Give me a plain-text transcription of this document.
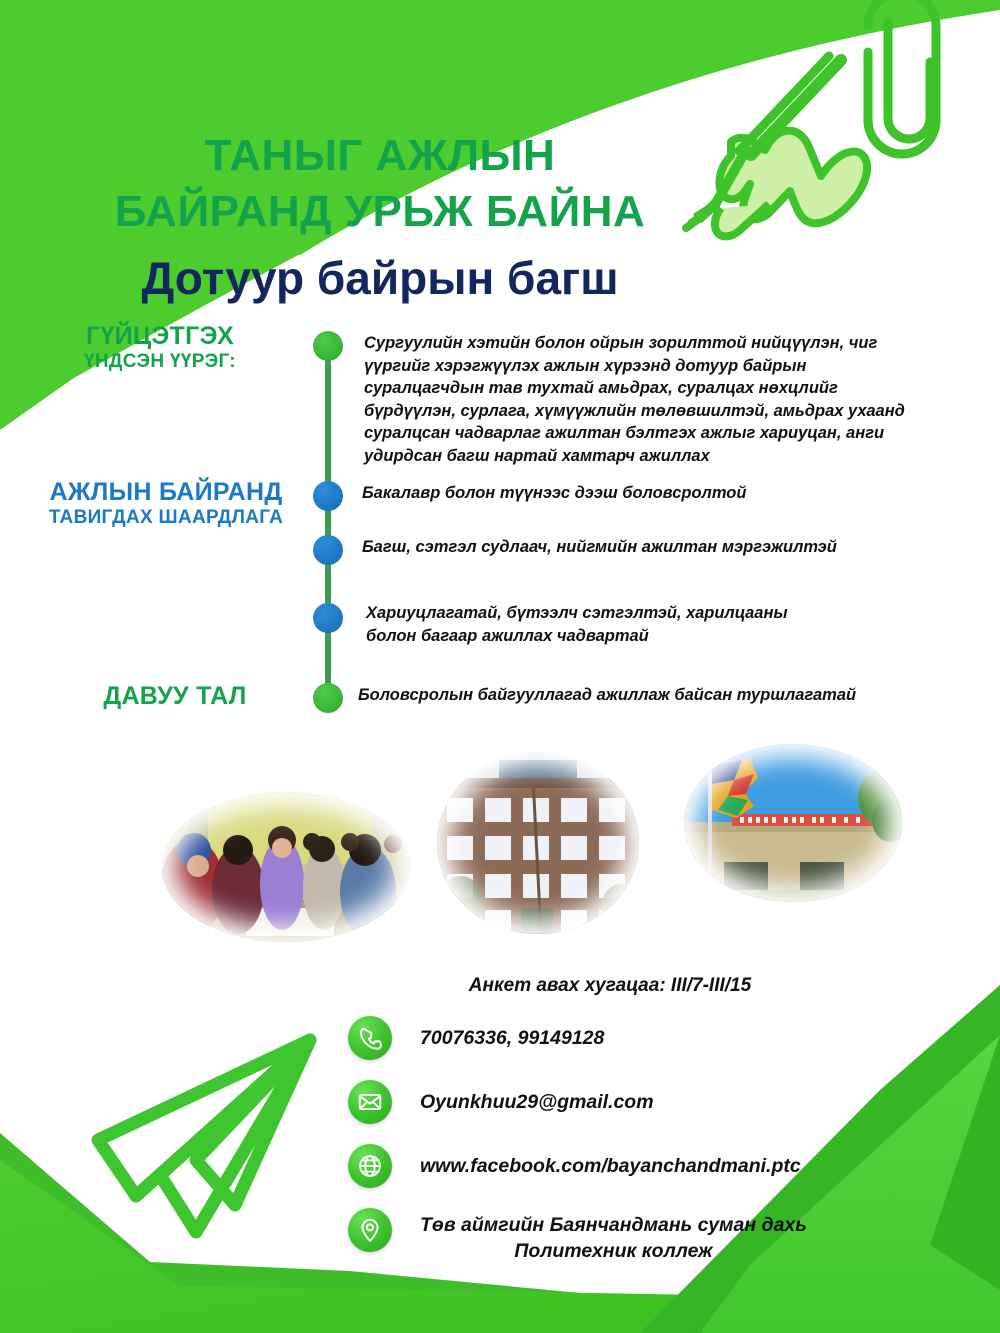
ТАНЫГ АЖЛЫН
БАЙРАНД УРЬЖ БАЙНА
Дотуур байрын багш
ГҮЙЦЭТГЭХ
ҮНДСЭН ҮҮРЭГ:
АЖЛЫН БАЙРАНД
ТАВИГДАХ ШААРДЛАГА
ДАВУУ ТАЛ
Сургуулийн хэтийн болон ойрын зорилттой нийцүүлэн, чиг үүргийг хэрэгжүүлэх ажлын хүрээнд дотуур байрын суралцагчдын тав тухтай амьдрах, суралцах нөхцлийг бүрдүүлэн, сурлага, хүмүүжлийн төлөвшилтэй, амьдрах ухаанд суралцсан чадварлаг ажилтан бэлтгэх ажлыг хариуцан, анги удирдсан багш нартай хамтарч ажиллах
Бакалавр болон түүнээс дээш боловсролтой
Багш, сэтгэл судлаач, нийгмийн ажилтан мэргэжилтэй
Хариуцлагатай, бүтээлч сэтгэлтэй, харилцааны болон багаар ажиллах чадвартай
Боловсролын байгууллагад ажиллаж байсан туршлагатай
Анкет авах хугацаа: III/7-III/15
70076336, 99149128
Oyunkhuu29@gmail.com
www.facebook.com/bayanchandmani.ptc
Төв аймгийн Баянчандмань суман дахь
Политехник коллеж
